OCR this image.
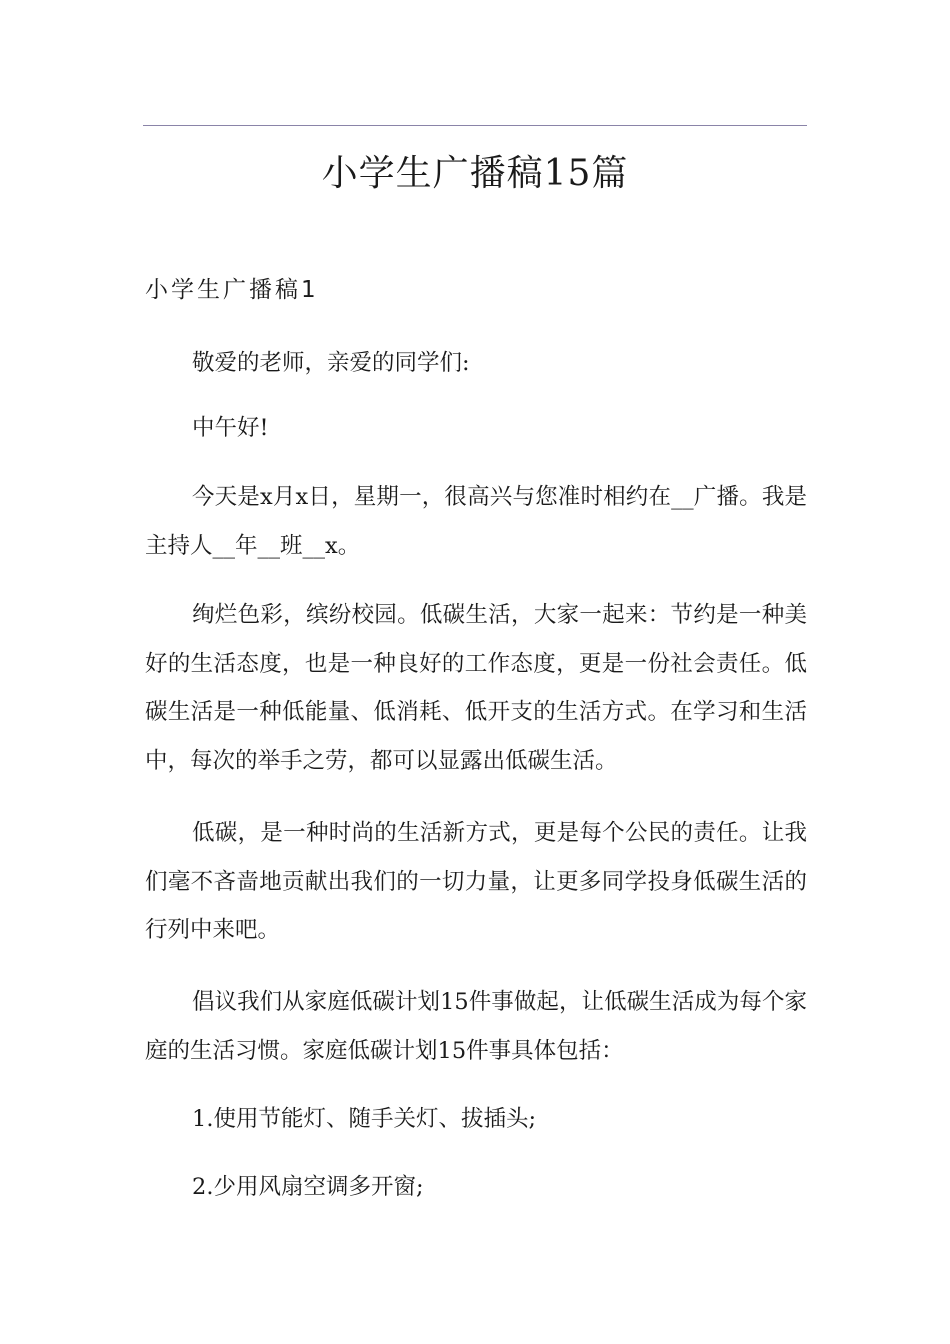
小学生广播稿15篇
小学生广播稿1

敬爱的老师，亲爱的同学们:

中午好!

今天是x月x日，星期一，很高兴与您准时相约在__广播。我是主持人__年__班__x。

绚烂色彩，缤纷校园。低碳生活，大家一起来：节约是一种美好的生活态度，也是一种良好的工作态度，更是一份社会责任。低碳生活是一种低能量、低消耗、低开支的生活方式。在学习和生活中，每次的举手之劳，都可以显露出低碳生活。

低碳，是一种时尚的生活新方式，更是每个公民的责任。让我们毫不吝啬地贡献出我们的一切力量，让更多同学投身低碳生活的行列中来吧。

倡议我们从家庭低碳计划15件事做起，让低碳生活成为每个家庭的生活习惯。家庭低碳计划15件事具体包括：

1.使用节能灯、随手关灯、拔插头;

2.少用风扇空调多开窗;
